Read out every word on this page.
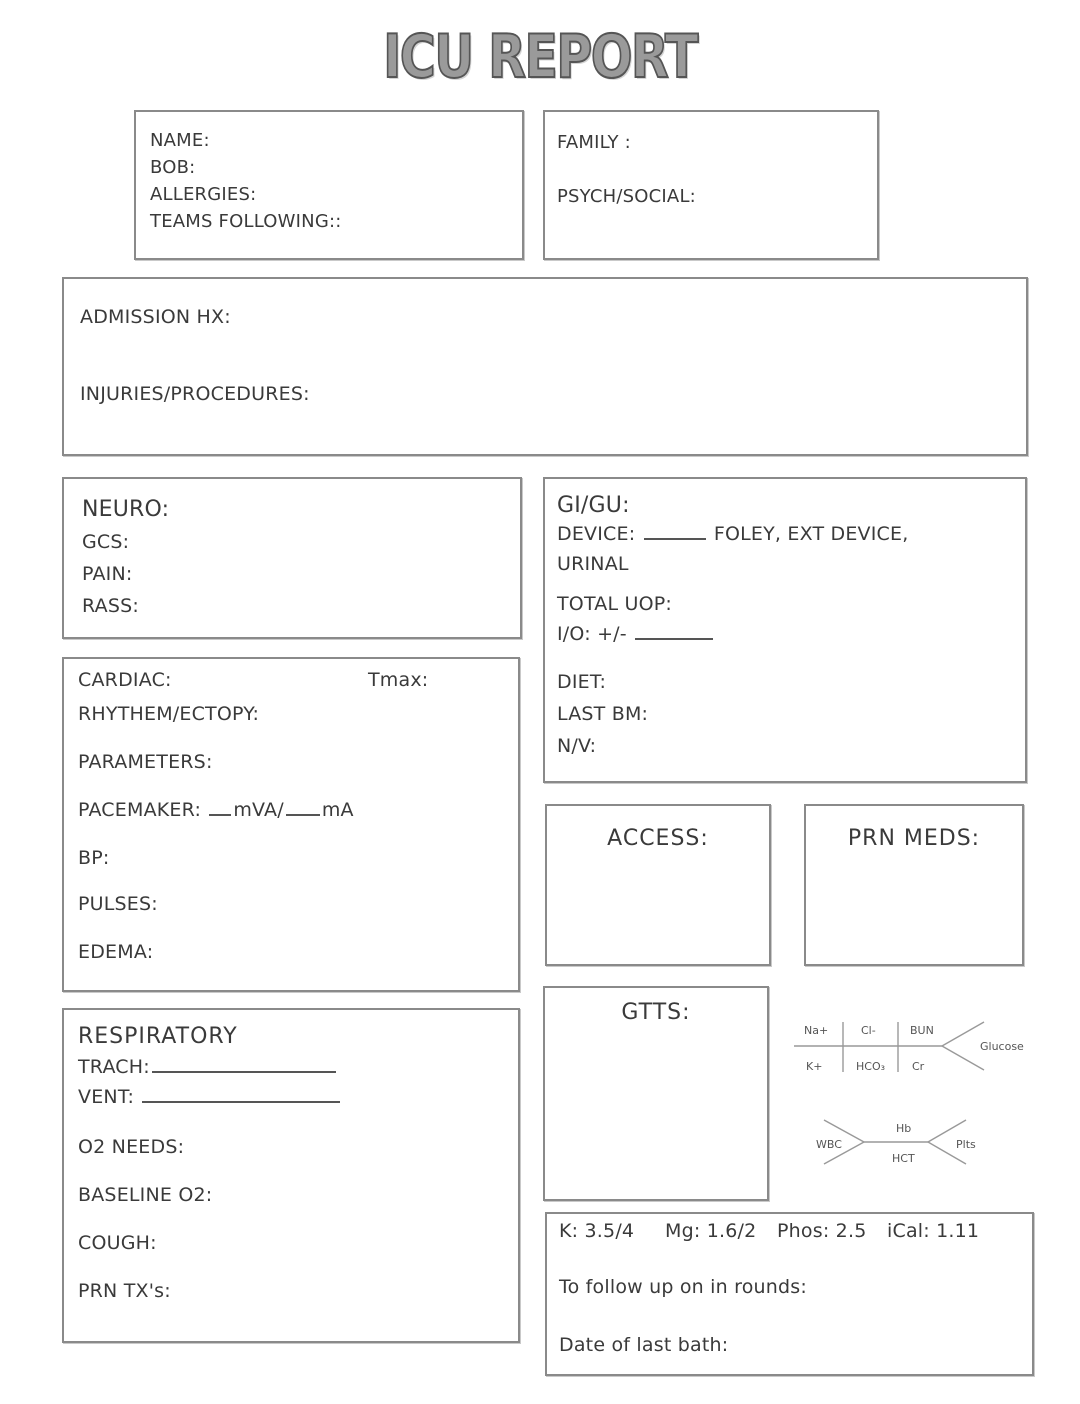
ICU REPORT
NAME:
BOB:
ALLERGIES:
TEAMS FOLLOWING::
FAMILY :
PSYCH/SOCIAL:
ADMISSION HX:
INJURIES/PROCEDURES:
NEURO:
GCS:
PAIN:
RASS:
GI/GU:
DEVICE:	FOLEY, EXT DEVICE,
URINAL
TOTAL UOP:
I/O: +/-
DIET:
LAST BM:
N/V:
CARDIAC:	Tmax:
RHYTHEM/ECTOPY:
PARAMETERS:
PACEMAKER: mVA/ mA
BP:
PULSES:
EDEMA:
ACCESS:	PRN MEDS:
GTTS:
Na+	Cl-	BUN
Glucose
K+	HCO₃ Cr
WBC
Hb
HCT
Plts
RESPIRATORY
TRACH:
VENT:
O2 NEEDS:
BASELINE O2:
COUGH:
PRN TX's:
K: 3.5/4 Mg: 1.6/2 Phos: 2.5 iCal: 1.11
To follow up on in rounds:
Date of last bath:
